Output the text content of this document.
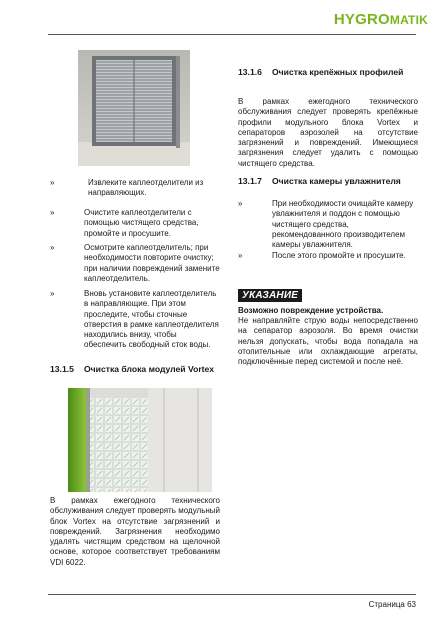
HYGROMATIK
»	Извлеките каплеотделители из направляющих.
»	Очистите каплеотделители с помощью чистящего средства, промойте и просушите.
»	Осмотрите каплеотделитель; при необходимости повторите очистку; при наличии повреждений замените каплеотделитель.
»	Вновь установите каплеотделитель в направляющие. При этом проследите, чтобы сточные отверстия в рамке каплеотделителя находились внизу, чтобы обеспечить свободный сток воды.
13.1.5 Очистка блока модулей Vortex
В рамках ежегодного технического обслуживания следует проверять модульный блок Vortex на отсутствие загрязнений и повреждений. Загрязнения необходимо удалять чистящим средством на щелочной основе, которое соответствует требованиям VDI 6022.
13.1.6 Очистка крепёжных профилей
В рамках ежегодного технического обслуживания следует проверять крепёжные профили модульного блока Vortex и сепараторов аэрозолей на отсутствие загрязнений и повреждений. Имеющиеся загрязнения следует удалить с помощью чистящего средства.
13.1.7 Очистка камеры увлажнителя
»	При необходимости очищайте камеру увлажнителя и поддон с помощью чистящего средства, рекомендованного производителем камеры увлажнителя.
»	После этого промойте и просушите.
УКАЗАНИЕ
Возможно повреждение устройства.
Не направляйте струю воды непосредственно на сепаратор аэрозоля. Во время очистки нельзя допускать, чтобы вода попадала на отопительные или охлаждающие агрегаты, подключённые перед системой и после неё.
Страница 63
